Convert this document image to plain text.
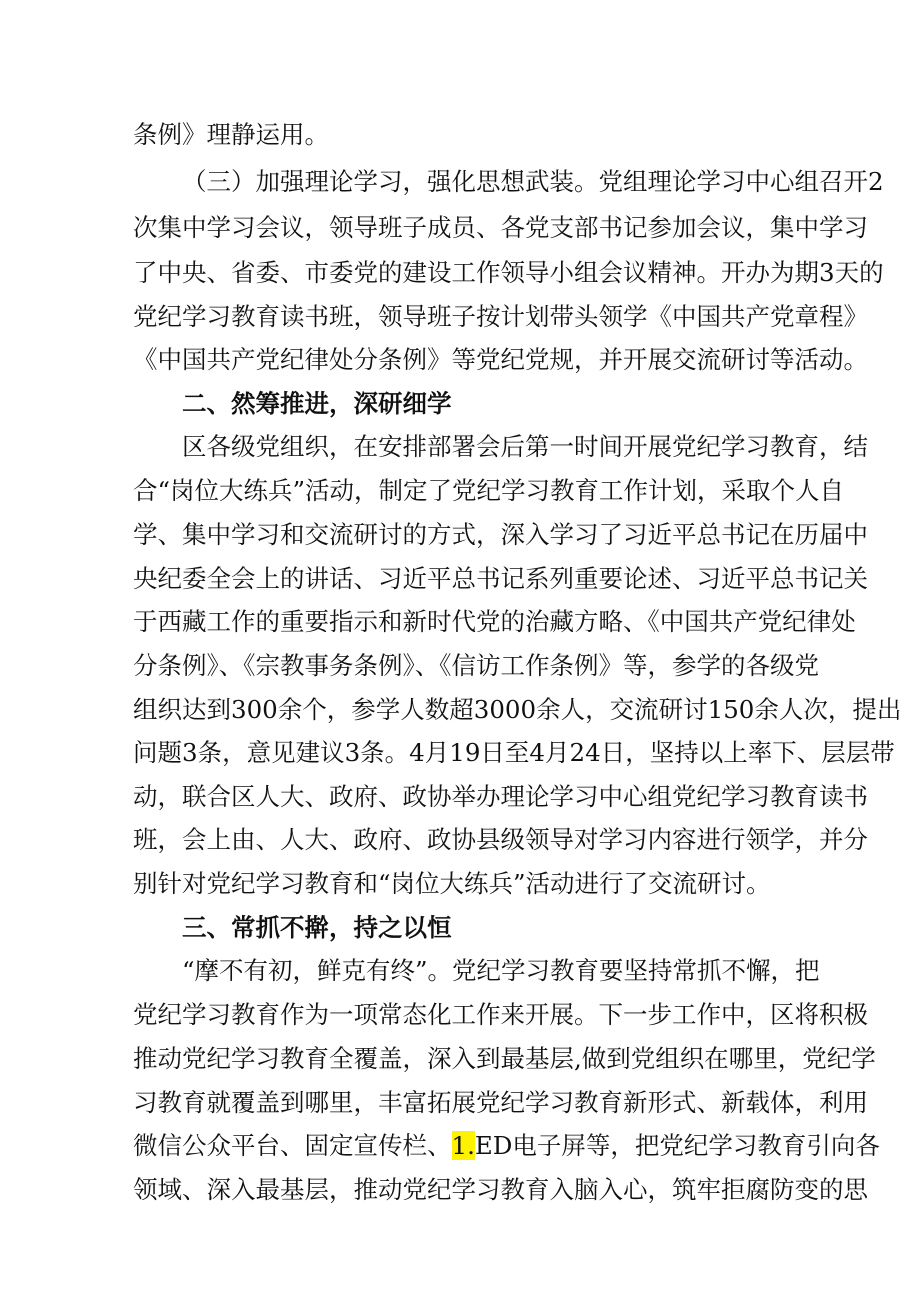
条例》理静运用。
（三）加强理论学习，强化思想武装。党组理论学习中心组召开2
次集中学习会议，领导班子成员、各党支部书记参加会议，集中学习
了中央、省委、市委党的建设工作领导小组会议精神。开办为期3天的
党纪学习教育读书班，领导班子按计划带头领学《中国共产党章程》
《中国共产党纪律处分条例》等党纪党规，并开展交流研讨等活动。
二、然筹推进，深研细学
区各级党组织，在安排部署会后第一时间开展党纪学习教育，结
合“岗位大练兵”活动，制定了党纪学习教育工作计划，采取个人自
学、集中学习和交流研讨的方式，深入学习了习近平总书记在历届中
央纪委全会上的讲话、习近平总书记系列重要论述、习近平总书记关
于西藏工作的重要指示和新时代党的治藏方略、《中国共产党纪律处
分条例》、《宗教事务条例》、《信访工作条例》等，参学的各级党
组织达到300余个，参学人数超3000余人，交流研讨150余人次，提出
问题3条，意见建议3条。4月19日至4月24日，坚持以上率下、层层带
动，联合区人大、政府、政协举办理论学习中心组党纪学习教育读书
班，会上由、人大、政府、政协县级领导对学习内容进行领学，并分
别针对党纪学习教育和“岗位大练兵”活动进行了交流研讨。
三、常抓不擀，持之以恒
“摩不有初，鲜克有终”。党纪学习教育要坚持常抓不懈，把
党纪学习教育作为一项常态化工作来开展。下一步工作中，区将积极
推动党纪学习教育全覆盖，深入到最基层,做到党组织在哪里，党纪学
习教育就覆盖到哪里，丰富拓展党纪学习教育新形式、新载体，利用
微信公众平台、固定宣传栏、1.ED电子屏等，把党纪学习教育引向各
领域、深入最基层，推动党纪学习教育入脑入心，筑牢拒腐防变的思
